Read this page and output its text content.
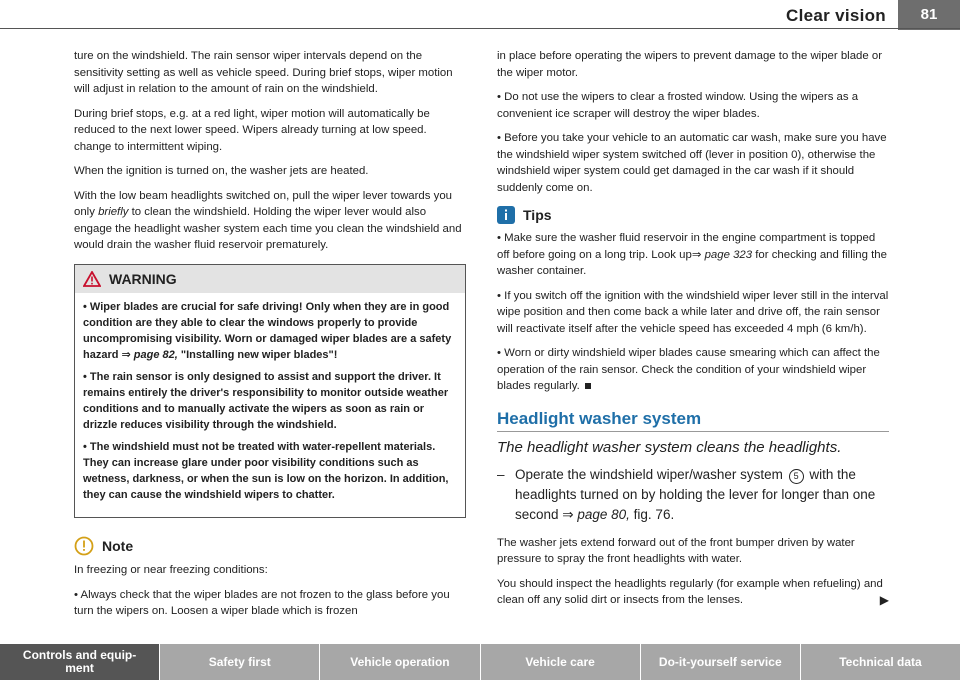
Clear vision	81

ture on the windshield. The rain sensor wiper intervals depend on the sensitivity setting as well as vehicle speed. During brief stops, wiper motion will adjust in relation to the amount of rain on the windshield.

During brief stops, e.g. at a red light, wiper motion will automatically be reduced to the next lower speed. Wipers already turning at low speed. change to intermittent wiping.

When the ignition is turned on, the washer jets are heated.

With the low beam headlights switched on, pull the wiper lever towards you only briefly to clean the windshield. Holding the wiper lever would also engage the headlight washer system each time you clean the windshield and would drain the washer fluid reservoir prematurely.

WARNING

• Wiper blades are crucial for safe driving! Only when they are in good condition are they able to clear the windows properly to provide uncompromising visibility. Worn or damaged wiper blades are a safety hazard ⇒ page 82, "Installing new wiper blades"!

• The rain sensor is only designed to assist and support the driver. It remains entirely the driver's responsibility to monitor outside weather conditions and to manually activate the wipers as soon as rain or drizzle reduces visibility through the windshield.

• The windshield must not be treated with water-repellent materials. They can increase glare under poor visibility conditions such as wetness, darkness, or when the sun is low on the horizon. In addition, they can cause the windshield wipers to chatter.

Note

In freezing or near freezing conditions:

• Always check that the wiper blades are not frozen to the glass before you turn the wipers on. Loosen a wiper blade which is frozen

in place before operating the wipers to prevent damage to the wiper blade or the wiper motor.

• Do not use the wipers to clear a frosted window. Using the wipers as a convenient ice scraper will destroy the wiper blades.

• Before you take your vehicle to an automatic car wash, make sure you have the windshield wiper system switched off (lever in position 0), otherwise the windshield wiper system could get damaged in the car wash if it should suddenly come on.

Tips

• Make sure the washer fluid reservoir in the engine compartment is topped off before going on a long trip. Look up⇒ page 323 for checking and filling the washer container.

• If you switch off the ignition with the windshield wiper lever still in the interval wipe position and then come back a while later and drive off, the rain sensor will reactivate itself after the vehicle speed has exceeded 4 mph (6 km/h).

• Worn or dirty windshield wiper blades cause smearing which can affect the operation of the rain sensor. Check the condition of your windshield wiper blades regularly.

Headlight washer system
The headlight washer system cleans the headlights.
– Operate the windshield wiper/washer system 5 with the headlights turned on by holding the lever for longer than one second ⇒ page 80, fig. 76.

The washer jets extend forward out of the front bumper driven by water pressure to spray the front headlights with water.

You should inspect the headlights regularly (for example when refueling) and clean off any solid dirt or insects from the lenses.	▶

Controls and equip-
ment	Safety first	Vehicle operation	Vehicle care	Do-it-yourself service	Technical data
